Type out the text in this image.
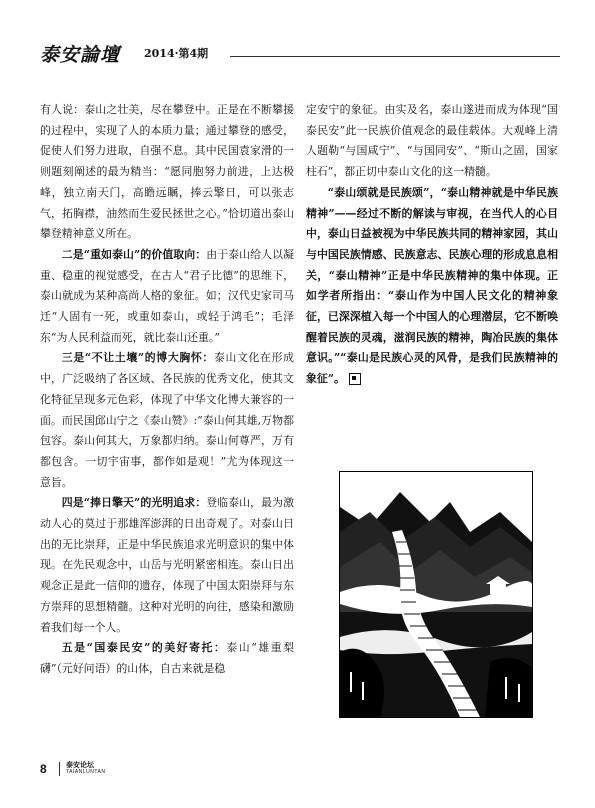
泰安論壇 2014·第4期

有人说：泰山之壮美，尽在攀登中。正是在不断攀援的过程中，实现了人的本质力量；通过攀登的感受，促使人们努力进取，自强不息。其中民国袁家滑的一则题刻阐述的最为精当：“愿同胞努力前进，上达极峰，独立南天门，高瞻远瞩，捧云擎日，可以张志气，拓胸襟，油然而生爱民拯世之心。”恰切道出泰山攀登精神意义所在。

二是“重如泰山”的价值取向：由于泰山给人以凝重、稳重的视觉感受，在古人“君子比德”的思维下，泰山就成为某种高尚人格的象征。如；汉代史家司马迁“人固有一死，或重如泰山，或轻于鸿毛”；毛泽东“为人民利益而死，就比泰山还重。”

三是“不让土壤”的博大胸怀：泰山文化在形成中，广泛吸纳了各区域、各民族的优秀文化，使其文化特征呈现多元色彩，体现了中华文化博大兼容的一面。而民国邱山宁之《泰山赞》:“泰山何其雄,万物都包容。泰山何其大，万象都归纳。泰山何尊严，万有都包含。一切宇宙事，都作如是观！”尤为体现这一意旨。

四是“捧日擎天”的光明追求：登临泰山，最为激动人心的莫过于那雄浑澎湃的日出奇观了。对泰山日出的无比崇拜，正是中华民族追求光明意识的集中体现。在先民观念中，山岳与光明紧密相连。泰山日出观念正是此一信仰的遗存，体现了中国太阳崇拜与东方崇拜的思想精髓。这种对光明的向往，感染和激励着我们每一个人。

五是“国泰民安”的美好寄托：泰山“雄重梨礴”（元好问语）的山体，自古来就是稳

定安宁的象征。由实及名，泰山遂进而成为体现“国泰民安”此一民族价值观念的最佳载体。大观峰上清人题勒“与国咸宁”、“与国同安”、“斯山之固，国家柱石”，都正切中泰山文化的这一精髓。

“泰山颂就是民族颂”，“泰山精神就是中华民族精神”——经过不断的解读与审视，在当代人的心目中，泰山日益被视为中华民族共同的精神家园，其山与中国民族情感、民族意志、民族心理的形成息息相关，“泰山精神”正是中华民族精神的集中体现。正如学者所指出：“泰山作为中国人民文化的精神象征，已深深植入每一个中国人的心理潜层，它不断唤醒着民族的灵魂，滋润民族的精神，陶冶民族的集体意识。”“泰山是民族心灵的风骨，是我们民族精神的象征”。

8	泰安论坛
TAIANLUNTAN
